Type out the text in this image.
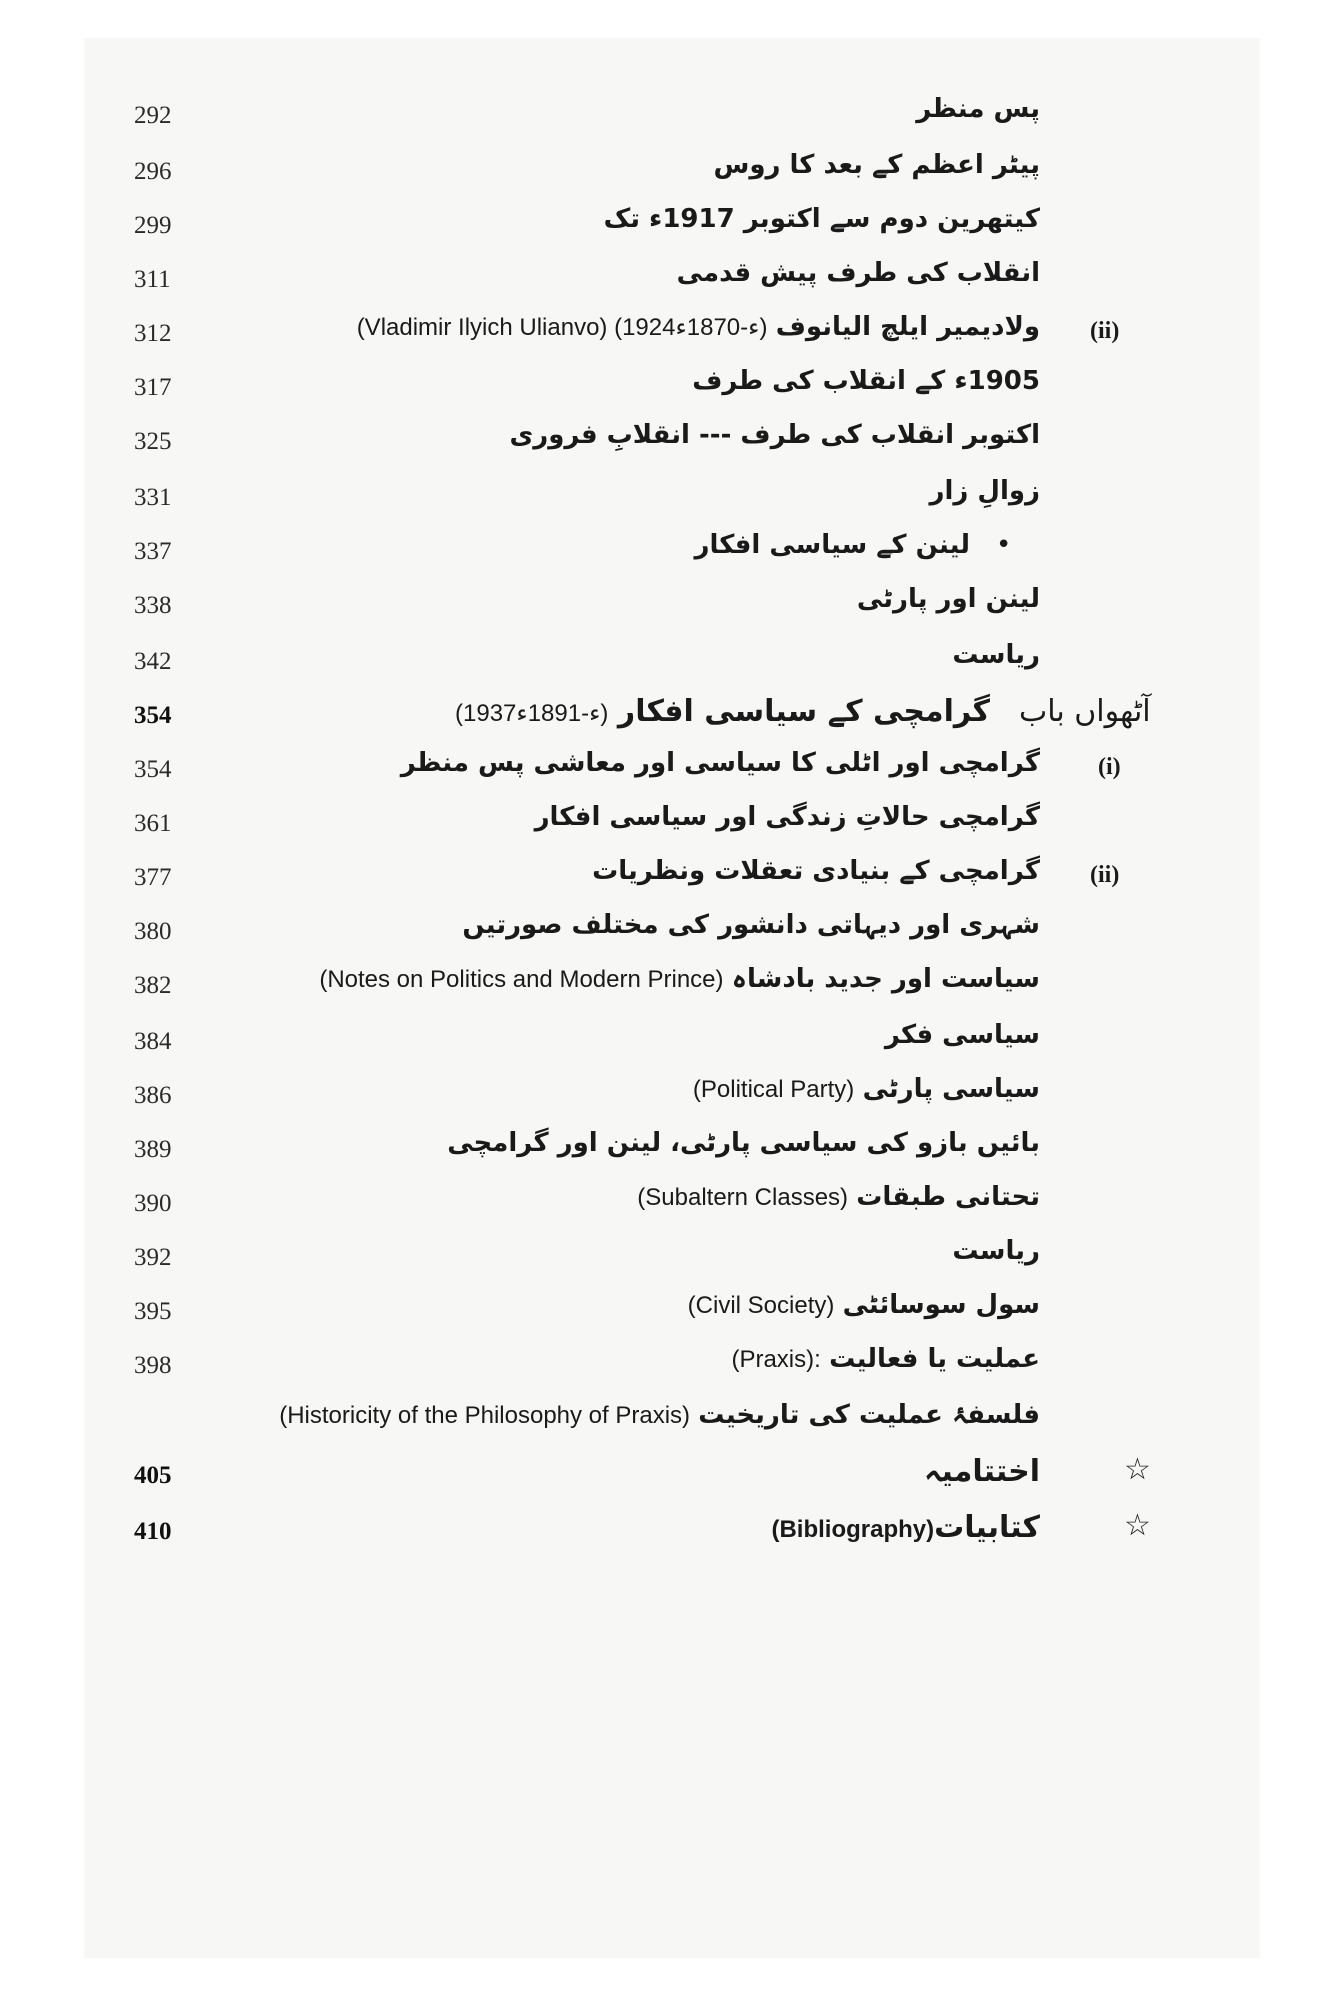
292	پس منظر
296	پیٹر اعظم کے بعد کا روس
299	کیتھرین دوم سے اکتوبر 1917ء تک
311	انقلاب کی طرف پیش قدمی
312	ولادیمیر ایلچ الیانوف (Vladimir Ilyich Ulianvo) (1924ء-1870ء)	(ii)
317	1905ء کے انقلاب کی طرف
325	اکتوبر انقلاب کی طرف --- انقلابِ فروری
331	زوالِ زار
337	لینن کے سیاسی افکار •
338	لینن اور پارٹی
342	ریاست
354	گرامچی کے سیاسی افکار (1937ء-1891ء)	آٹھواں باب
354	گرامچی اور اٹلی کا سیاسی اور معاشی پس منظر (i)
361	گرامچی حالاتِ زندگی اور سیاسی افکار
377	گرامچی کے بنیادی تعقلات ونظریات (ii)
380	شہری اور دیہاتی دانشور کی مختلف صورتیں
382	سیاست اور جدید بادشاہ (Notes on Politics and Modern Prince)
384	سیاسی فکر
386	سیاسی پارٹی (Political Party)
389	بائیں بازو کی سیاسی پارٹی، لینن اور گرامچی
390	تحتانی طبقات (Subaltern Classes)
392	ریاست
395	سول سوسائٹی (Civil Society)
398	عملیت یا فعالیت (Praxis):
فلسفۂ عملیت کی تاریخیت (Historicity of the Philosophy of Praxis)
405	اختتامیہ	☆
410	کتابیات(Bibliography)	☆
